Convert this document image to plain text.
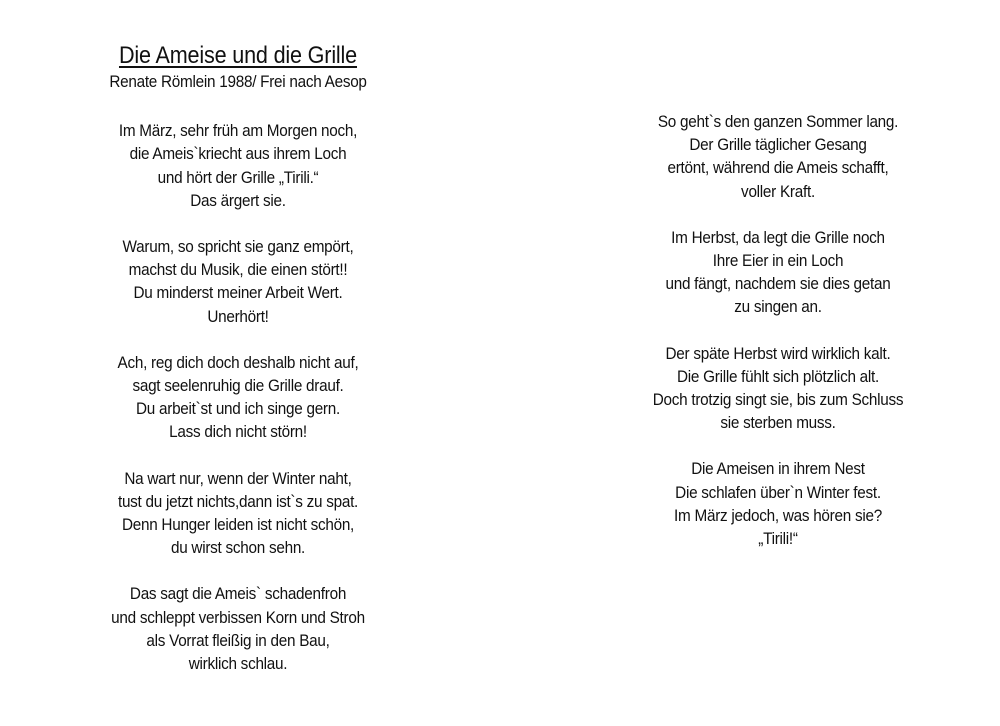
Die Ameise und die Grille
Renate Römlein 1988/ Frei nach Aesop
Im März, sehr früh am Morgen noch,
die Ameis`kriecht aus ihrem Loch
und hört der Grille „Tirili.“
Das ärgert sie.
Warum, so spricht sie ganz empört,
machst du Musik, die einen stört!!
Du minderst meiner Arbeit Wert.
Unerhört!
Ach, reg dich doch deshalb nicht auf,
sagt seelenruhig die Grille drauf.
Du arbeit`st und ich singe gern.
Lass dich nicht störn!
Na wart nur, wenn der Winter naht,
tust du jetzt nichts,dann ist`s zu spat.
Denn Hunger leiden ist nicht schön,
du wirst schon sehn.
Das sagt die Ameis` schadenfroh
und schleppt verbissen Korn und Stroh
als Vorrat fleißig in den Bau,
wirklich schlau.
So geht`s den ganzen Sommer lang.
Der Grille täglicher Gesang
ertönt, während die Ameis schafft,
voller Kraft.
Im Herbst, da legt die Grille noch
Ihre Eier in ein Loch
und fängt, nachdem sie dies getan
zu singen an.
Der späte Herbst wird wirklich kalt.
Die Grille fühlt sich plötzlich alt.
Doch trotzig singt sie, bis zum Schluss
sie sterben muss.
Die Ameisen in ihrem Nest
Die schlafen über`n Winter fest.
Im März jedoch, was hören sie?
„Tirili!“
